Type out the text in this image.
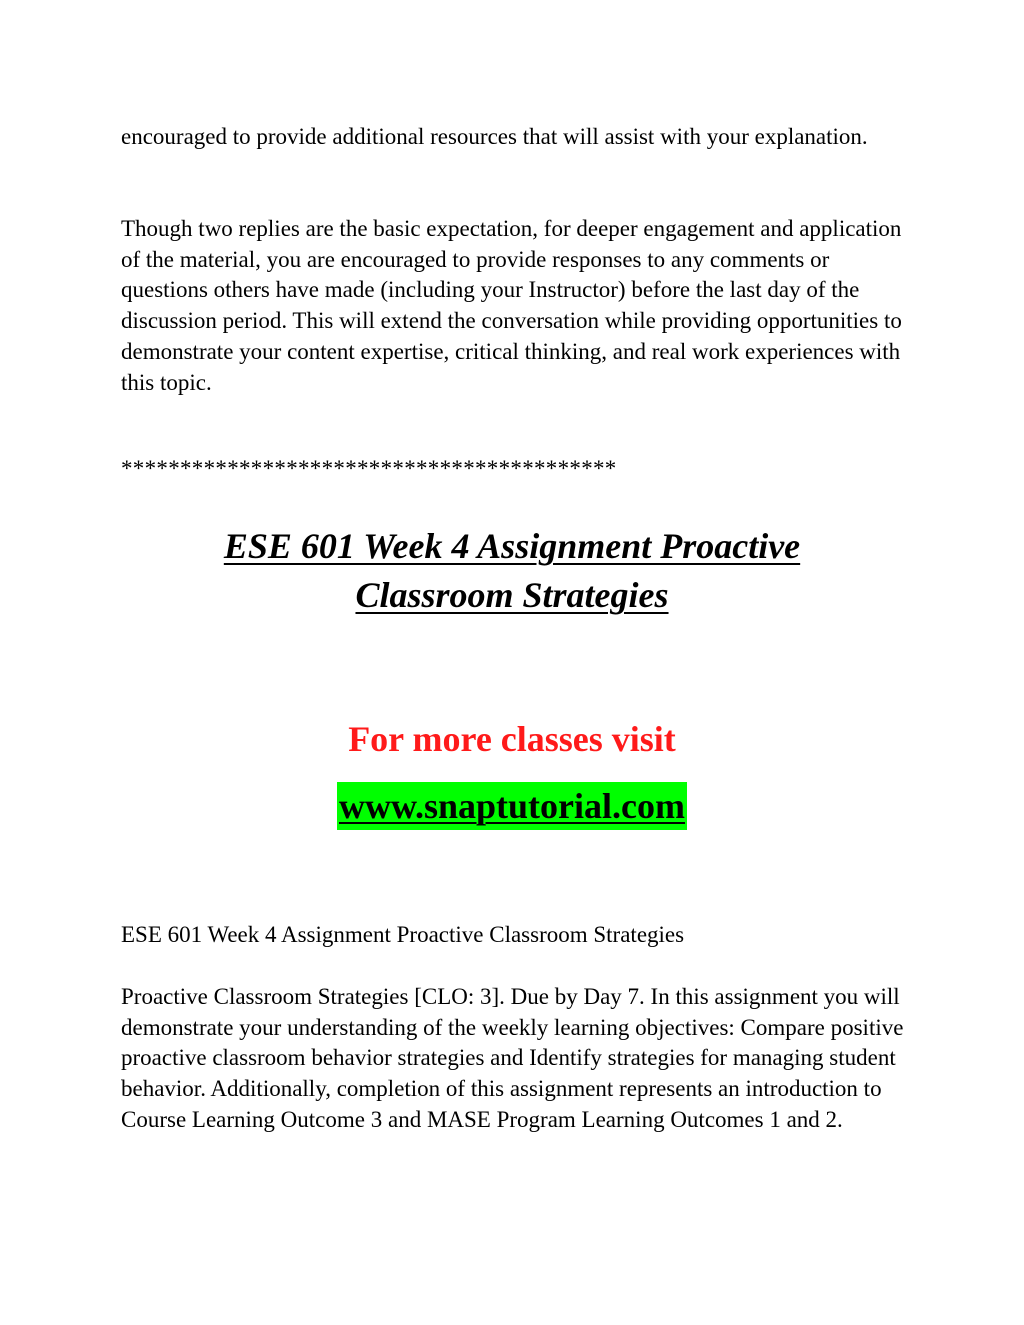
encouraged to provide additional resources that will assist with your explanation.

Though two replies are the basic expectation, for deeper engagement and application of the material, you are encouraged to provide responses to any comments or questions others have made (including your Instructor) before the last day of the discussion period. This will extend the conversation while providing opportunities to demonstrate your content expertise, critical thinking, and real work experiences with this topic.

******************************************
ESE 601 Week 4 Assignment Proactive
Classroom Strategies
For more classes visit
www.snaptutorial.com

ESE 601 Week 4 Assignment Proactive Classroom Strategies

Proactive Classroom Strategies [CLO: 3]. Due by Day 7. In this assignment you will demonstrate your understanding of the weekly learning objectives: Compare positive proactive classroom behavior strategies and Identify strategies for managing student behavior. Additionally, completion of this assignment represents an introduction to Course Learning Outcome 3 and MASE Program Learning Outcomes 1 and 2.
